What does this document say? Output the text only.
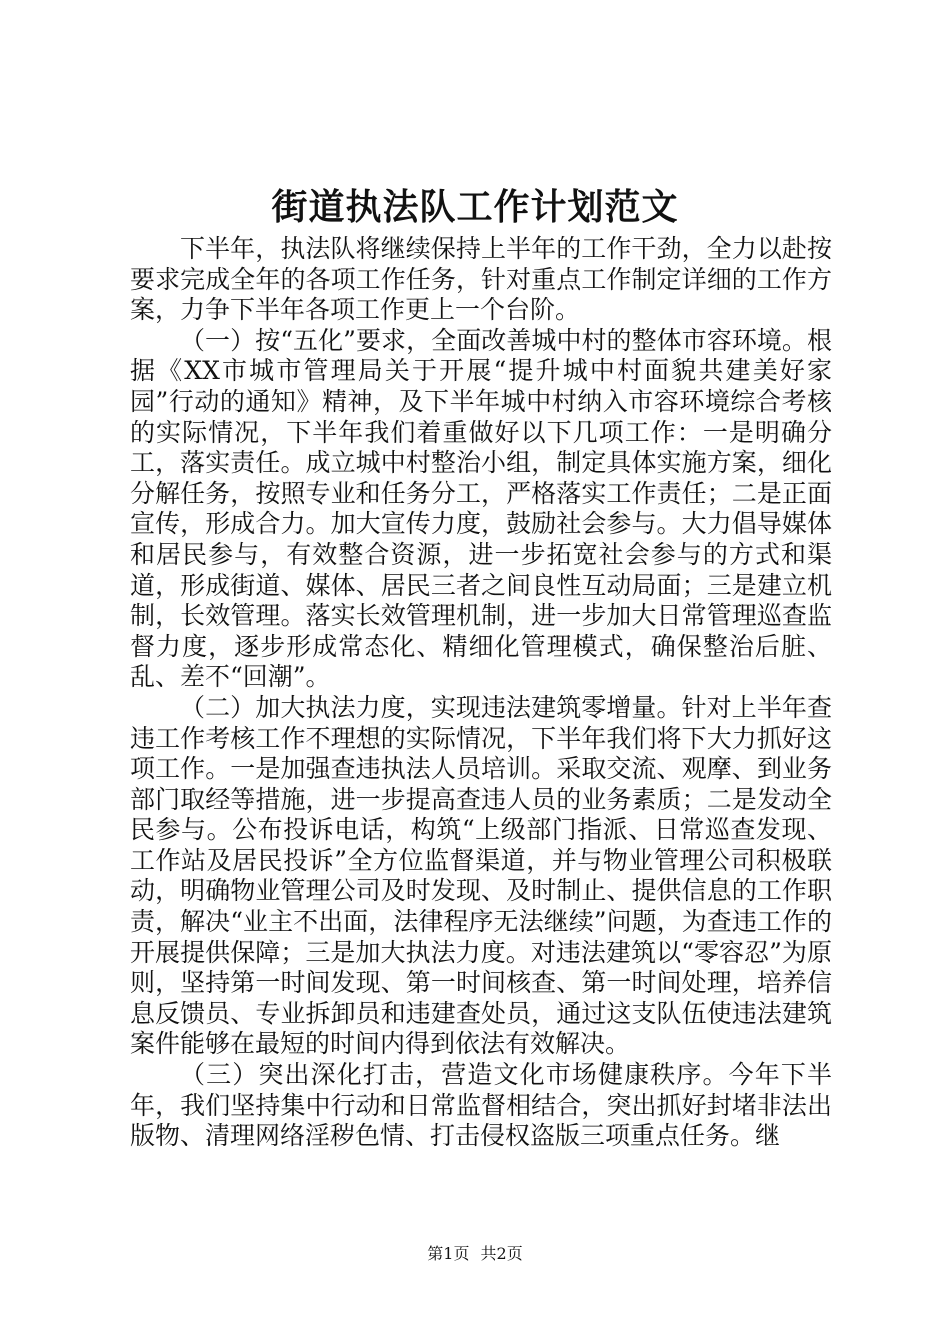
街道执法队工作计划范文

下半年，执法队将继续保持上半年的工作干劲，全力以赴按要求完成全年的各项工作任务，针对重点工作制定详细的工作方案，力争下半年各项工作更上一个台阶。

（一）按“五化”要求，全面改善城中村的整体市容环境。根据《XX市城市管理局关于开展“提升城中村面貌共建美好家园”行动的通知》精神，及下半年城中村纳入市容环境综合考核的实际情况，下半年我们着重做好以下几项工作：一是明确分工，落实责任。成立城中村整治小组，制定具体实施方案，细化分解任务，按照专业和任务分工，严格落实工作责任；二是正面宣传，形成合力。加大宣传力度，鼓励社会参与。大力倡导媒体和居民参与，有效整合资源，进一步拓宽社会参与的方式和渠道，形成街道、媒体、居民三者之间良性互动局面；三是建立机制，长效管理。落实长效管理机制，进一步加大日常管理巡查监督力度，逐步形成常态化、精细化管理模式，确保整治后脏、乱、差不“回潮”。

（二）加大执法力度，实现违法建筑零增量。针对上半年查违工作考核工作不理想的实际情况，下半年我们将下大力抓好这项工作。一是加强查违执法人员培训。采取交流、观摩、到业务部门取经等措施，进一步提高查违人员的业务素质；二是发动全民参与。公布投诉电话，构筑“上级部门指派、日常巡查发现、工作站及居民投诉”全方位监督渠道，并与物业管理公司积极联动，明确物业管理公司及时发现、及时制止、提供信息的工作职责，解决“业主不出面，法律程序无法继续”问题，为查违工作的开展提供保障；三是加大执法力度。对违法建筑以“零容忍”为原则，坚持第一时间发现、第一时间核查、第一时间处理，培养信息反馈员、专业拆卸员和违建查处员，通过这支队伍使违法建筑案件能够在最短的时间内得到依法有效解决。

（三）突出深化打击，营造文化市场健康秩序。今年下半年，我们坚持集中行动和日常监督相结合，突出抓好封堵非法出版物、清理网络淫秽色情、打击侵权盗版三项重点任务。继

第1页 共2页
